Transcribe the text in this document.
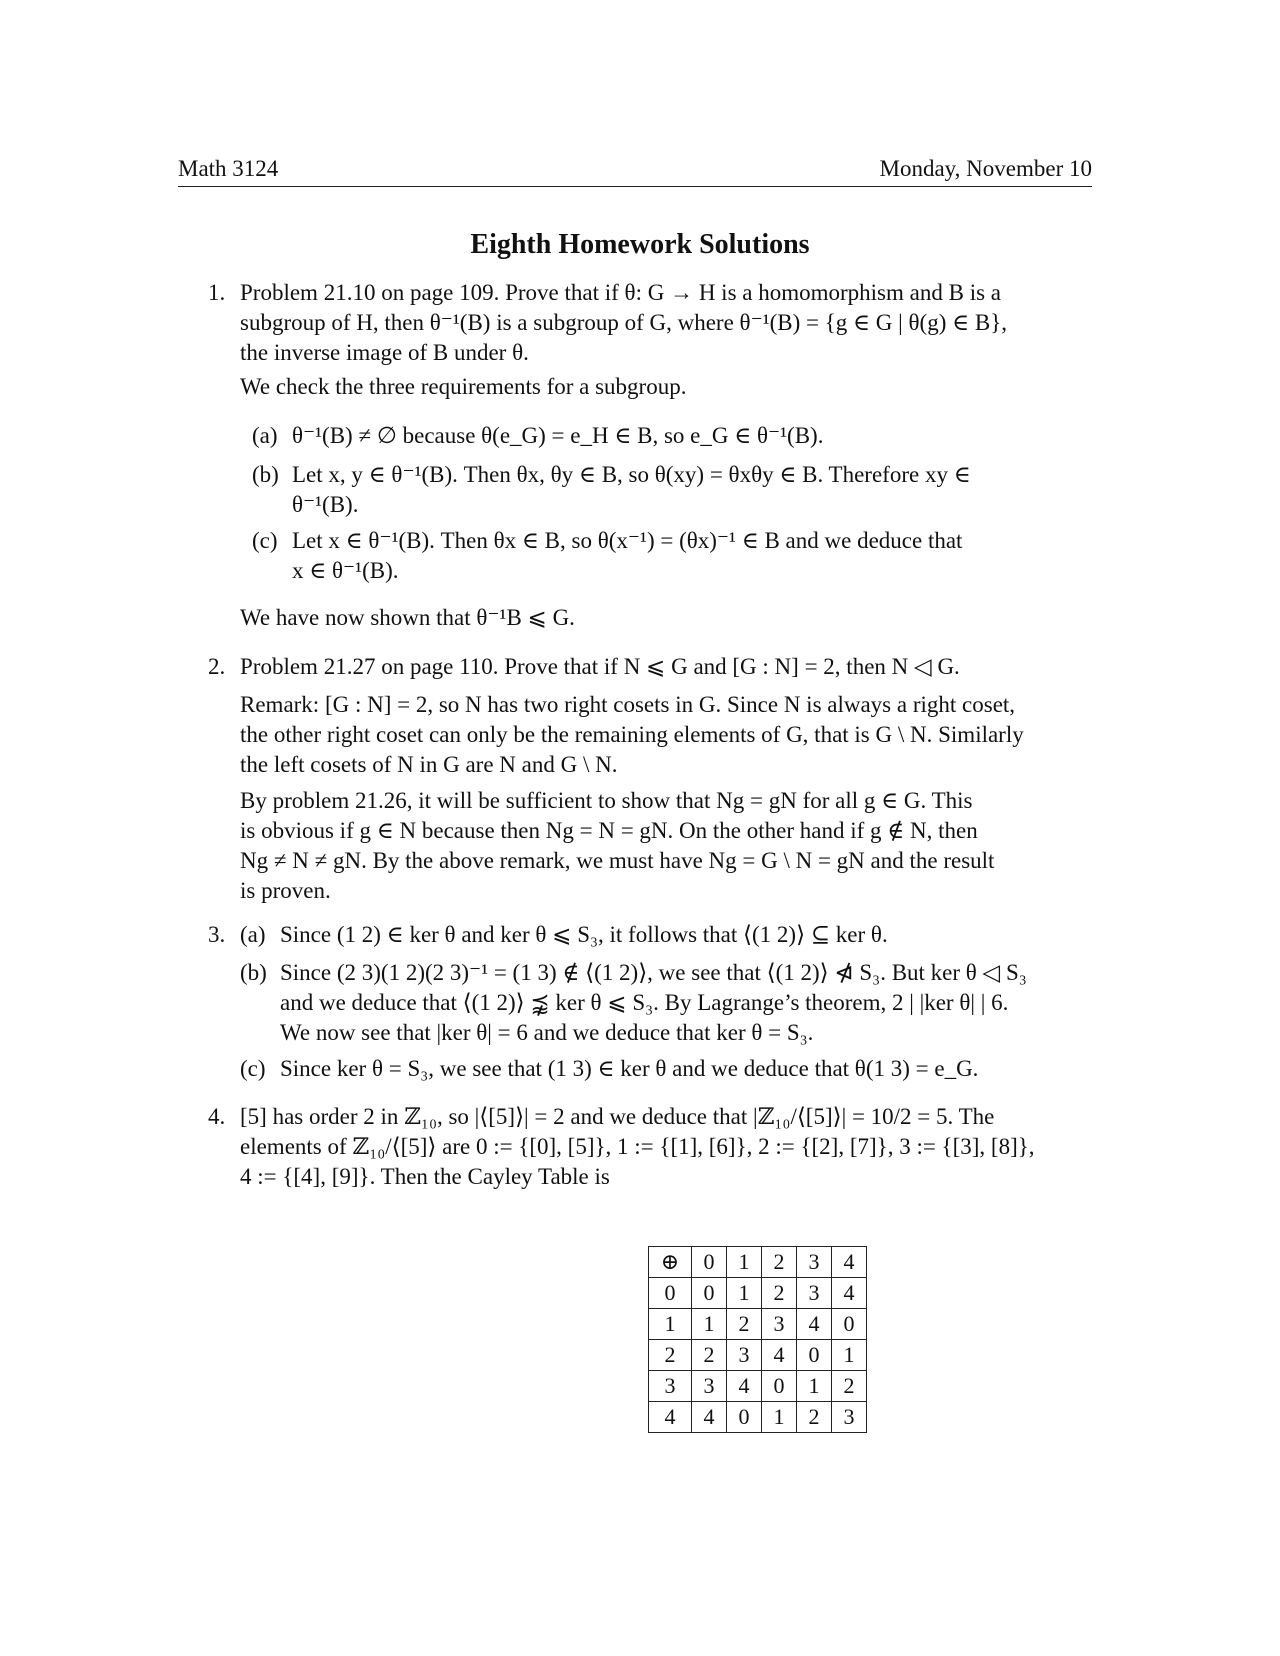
Math 3124	Monday, November 10
Eighth Homework Solutions
1. Problem 21.10 on page 109. Prove that if θ: G → H is a homomorphism and B is a

subgroup of H, then θ⁻¹(B) is a subgroup of G, where θ⁻¹(B) = {g ∈ G | θ(g) ∈ B},

the inverse image of B under θ.

We check the three requirements for a subgroup.
(a) θ⁻¹(B) ≠ ∅ because θ(e_G) = e_H ∈ B, so e_G ∈ θ⁻¹(B).
(b) Let x, y ∈ θ⁻¹(B). Then θx, θy ∈ B, so θ(xy) = θxθy ∈ B. Therefore xy ∈

θ⁻¹(B).

(c) Let x ∈ θ⁻¹(B). Then θx ∈ B, so θ(x⁻¹) = (θx)⁻¹ ∈ B and we deduce that

x ∈ θ⁻¹(B).

We have now shown that θ⁻¹B ⩽ G.
2. Problem 21.27 on page 110. Prove that if N ⩽ G and [G : N] = 2, then N ◁ G.

Remark: [G : N] = 2, so N has two right cosets in G. Since N is always a right coset,

the other right coset can only be the remaining elements of G, that is G \ N. Similarly

the left cosets of N in G are N and G \ N.

By problem 21.26, it will be sufficient to show that Ng = gN for all g ∈ G. This

is obvious if g ∈ N because then Ng = N = gN. On the other hand if g ∉ N, then

Ng ≠ N ≠ gN. By the above remark, we must have Ng = G \ N = gN and the result

is proven.

3. (a) Since (1 2) ∈ ker θ and ker θ ⩽ S₃, it follows that ⟨(1 2)⟩ ⊆ ker θ.
(b) Since (2 3)(1 2)(2 3)⁻¹ = (1 3) ∉ ⟨(1 2)⟩, we see that ⟨(1 2)⟩ ⋪ S₃. But ker θ ◁ S₃

and we deduce that ⟨(1 2)⟩ ⪹ ker θ ⩽ S₃. By Lagrange’s theorem, 2 | |ker θ| | 6.

We now see that |ker θ| = 6 and we deduce that ker θ = S₃.

(c) Since ker θ = S₃, we see that (1 3) ∈ ker θ and we deduce that θ(1 3) = e_G.
4. [5] has order 2 in ℤ₁₀, so |⟨[5]⟩| = 2 and we deduce that |ℤ₁₀/⟨[5]⟩| = 10/2 = 5. The

elements of ℤ₁₀/⟨[5]⟩ are 0 := {[0], [5]}, 1 := {[1], [6]}, 2 := {[2], [7]}, 3 := {[3], [8]},

4 := {[4], [9]}. Then the Cayley Table is

⊕	0	1	2	3	4
0	0	1	2	3	4
1	1	2	3	4	0
2	2	3	4	0	1
3	3	4	0	1	2
4	4	0	1	2	3
